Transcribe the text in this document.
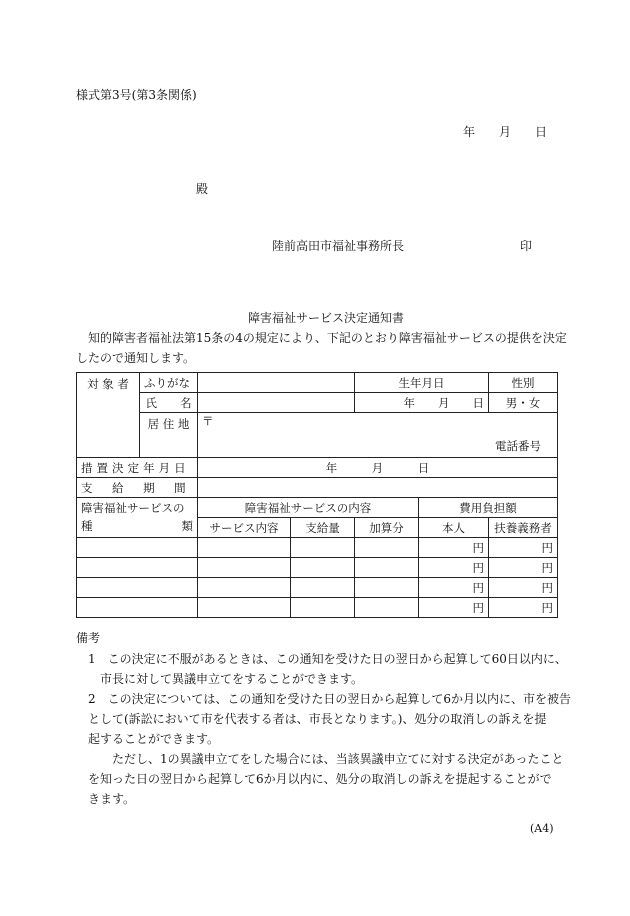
様式第3号(第3条関係)
年　　月　　日
殿
陸前高田市福祉事務所長	印
障害福祉サービス決定通知書
知的障害者福祉法第15条の4の規定により、下記のとおり障害福祉サービスの提供を決定
したので通知します。
対 象 者	ふりがな			生年月日		性別
	氏　　名			年　　月　　日		男・女
	居 住 地	〒				
		電話番号				
措置決定年月日		年　　　月　　　日				
支　給　期　間						

障害福祉サービスの
種 類		障害福祉サービスの内容			費用負担額	
		サービス内容	支給量	加算分	本人	扶養義務者
					円	円
					円	円
					円	円
					円	円
備考
1　この決定に不服があるときは、この通知を受けた日の翌日から起算して60日以内に、
市長に対して異議申立てをすることができます。
2　この決定については、この通知を受けた日の翌日から起算して6か月以内に、市を被告
として(訴訟において市を代表する者は、市長となります。)、処分の取消しの訴えを提
起することができます。
ただし、1の異議申立てをした場合には、当該異議申立てに対する決定があったこと
を知った日の翌日から起算して6か月以内に、処分の取消しの訴えを提起することがで
きます。
(A4)
